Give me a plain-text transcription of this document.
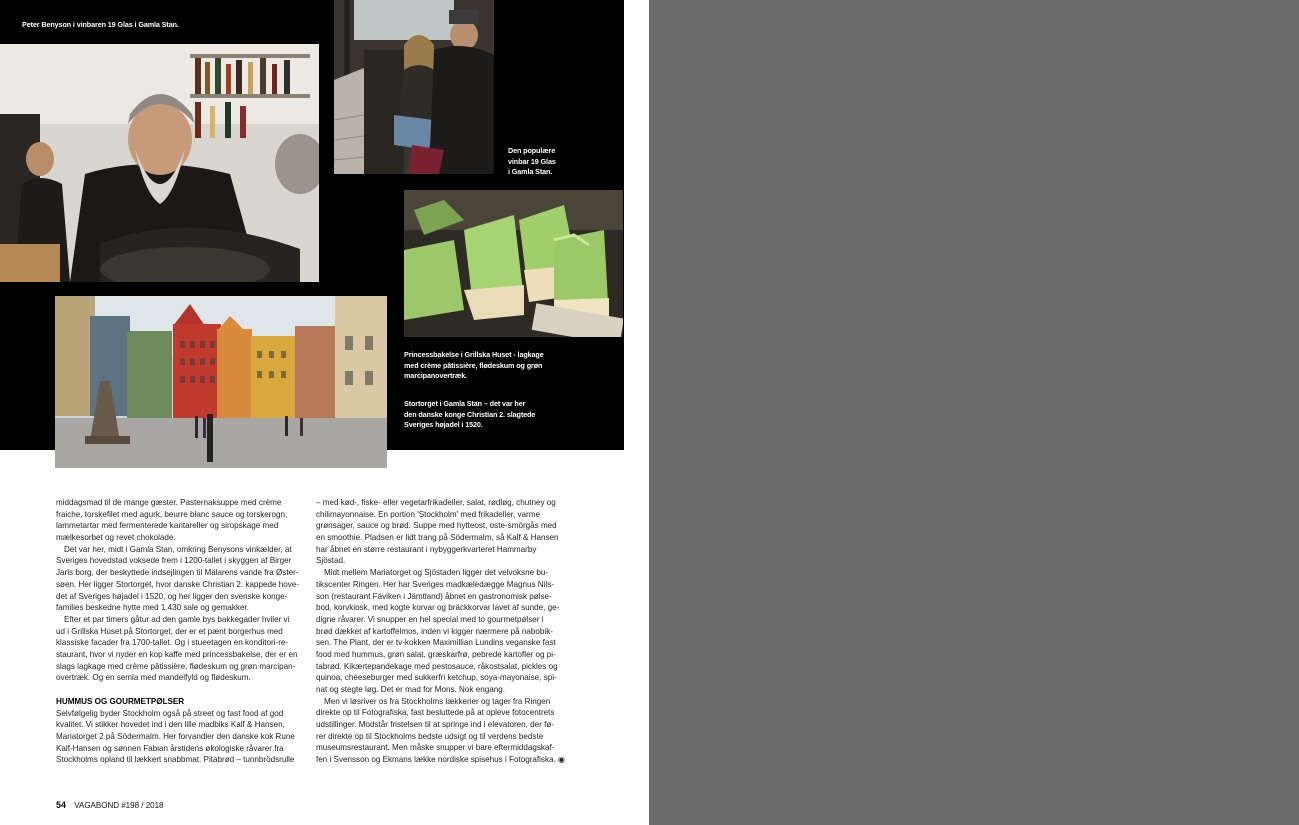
Peter Benyson i vinbaren 19 Glas i Gamla Stan.
Den populære
vinbar 19 Glas
i Gamla Stan.
Princessbakelse i Grillska Huset - lagkage
med crème pâtissière, flødeskum og grøn
marcipanovertræk.
Stortorget i Gamla Stan – det var her
den danske konge Christian 2. slagtede
Sveriges højadel i 1520.
middagsmad til de mange gæster. Pasternaksuppe med crème
fraiche, torskefilet med agurk, beurre blanc sauce og torskerogn,
lammetartar med fermenterede kantareller og siropskage med
mælkesorbet og revet chokolade.
Det var her, midt i Gamla Stan, omkring Benysons vinkælder, at
Sveriges hovedstad voksede frem i 1200-tallet i skyggen af Birger
Jarls borg, der beskyttede indsejlingen til Mälarens vande fra Øster-
søen. Her ligger Stortorget, hvor danske Christian 2. kappede hove-
det af Sveriges højadel i 1520, og her ligger den svenske konge-
families beskedne hytte med 1.430 sale og gemakker.
Efter et par timers gåtur ad den gamle bys bakkegader hviler vi
ud i Grillska Huset på Stortorget, der er et pænt borgerhus med
klassiske facader fra 1700-tallet. Og i stueetagen en konditori-re-
staurant, hvor vi nyder en kop kaffe med princessbakelse, der er en
slags lagkage med crème pâtissière, flødeskum og grøn marcipan-
overtræk. Og en semla med mandelfyld og flødeskum.
HUMMUS OG GOURMETPØLSER
Selvfølgelig byder Stockholm også på street og fast food af god
kvalitet. Vi stikker hovedet ind i den lille madbiks Kalf & Hansen,
Mariatorget 2 på Södermalm. Her forvandler den danske kok Rune
Kalf-Hansen og sønnen Fabian årstidens økologiske råvarer fra
Stockholms opland til lækkert snabbmat. Pitabrød – tunnbrödsrulle
– med kød-, fiske- eller vegetarfrikadeller, salat, rødløg, chutney og
chilimayonnaise. En portion 'Stockholm' med frikadeller, varme
grønsager, sauce og brød. Suppe med hytteost, oste-smörgås med
en smoothie. Pladsen er lidt trang på Södermalm, så Kalf & Hansen
har åbnet en større restaurant i nybyggerkvarteret Hammarby
Sjöstad.
Midt mellem Mariatorget og Sjöstaden ligger det velvoksne bu-
tikscenter Ringen. Her har Sveriges madkæledægge Magnus Nils-
son (restaurant Fäviken i Jämtland) åbnet en gastronomisk pølse-
bod, korvkiosk, med kogte korvar og bräckkorvar lavet af sunde, ge-
digne råvarer. Vi snupper en hel special med to gourmetpølser i
brød dækket af kartoffelmos, inden vi kigger nærmere på nabobik-
sen. The Plant, der er tv-kokken Maximillian Lundins veganske fast
food med hummus, grøn salat, græskarfrø, pebrede kartofler og pi-
tabrød. Kikærtepandekage med pestosauce, råkostsalat, pickles og
quinoa, cheeseburger med sukkerfri ketchup, soya-mayonaise, spi-
nat og stegte løg. Det er mad for Mons. Nok engang.
Men vi løsriver os fra Stockholms lækkerier og tager fra Ringen
direkte op til Fotografiska, fast besluttede på at opleve fotocentrets
udstillinger. Modstår fristelsen til at springe ind i elevatoren, der fø-
rer direkte op til Stockholms bedste udsigt og til verdens bedste
museumsrestaurant. Men måske snupper vi bare eftermiddagskaf-
fen i Svensson og Ekmans lække nordiske spisehus i Fotografiska. ◉
54 VAGABOND #198 / 2018
